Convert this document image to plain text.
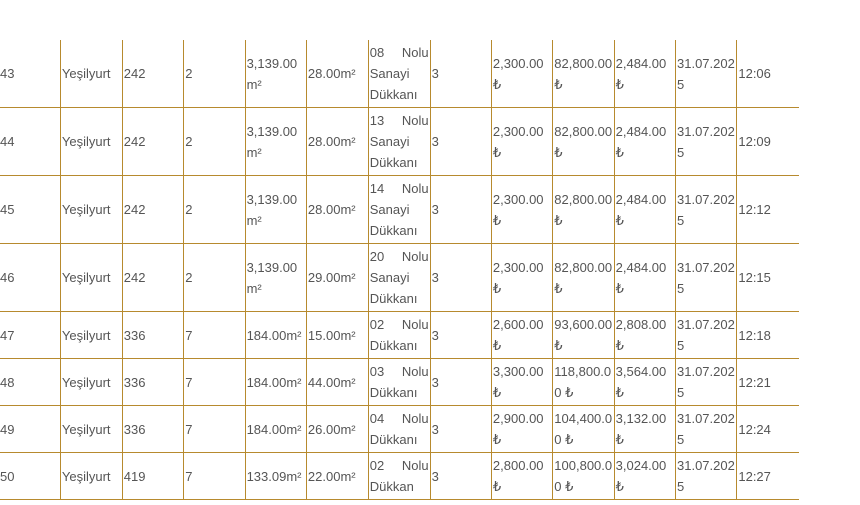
43	Yeşilyurt	242	2	3,139.00 m²	28.00m²	08 Nolu
Sanayi
Dükkanı	3	2,300.00 ₺	82,800.00 ₺	2,484.00 ₺	31.07.2025	12:06
44	Yeşilyurt	242	2	3,139.00 m²	28.00m²	13 Nolu
Sanayi
Dükkanı	3	2,300.00 ₺	82,800.00 ₺	2,484.00 ₺	31.07.2025	12:09
45	Yeşilyurt	242	2	3,139.00 m²	28.00m²	14 Nolu
Sanayi
Dükkanı	3	2,300.00 ₺	82,800.00 ₺	2,484.00 ₺	31.07.2025	12:12
46	Yeşilyurt	242	2	3,139.00 m²	29.00m²	20 Nolu
Sanayi
Dükkanı	3	2,300.00 ₺	82,800.00 ₺	2,484.00 ₺	31.07.2025	12:15
47	Yeşilyurt	336	7	184.00m²	15.00m²	02 Nolu
Dükkanı	3	2,600.00 ₺	93,600.00 ₺	2,808.00 ₺	31.07.2025	12:18
48	Yeşilyurt	336	7	184.00m²	44.00m²	03 Nolu
Dükkanı	3	3,300.00 ₺	118,800.00 ₺	3,564.00 ₺	31.07.2025	12:21
49	Yeşilyurt	336	7	184.00m²	26.00m²	04 Nolu
Dükkanı	3	2,900.00 ₺	104,400.00 ₺	3,132.00 ₺	31.07.2025	12:24
50	Yeşilyurt	419	7	133.09m²	22.00m²	02 Nolu
Dükkan	3	2,800.00 ₺	100,800.00 ₺	3,024.00 ₺	31.07.2025	12:27
